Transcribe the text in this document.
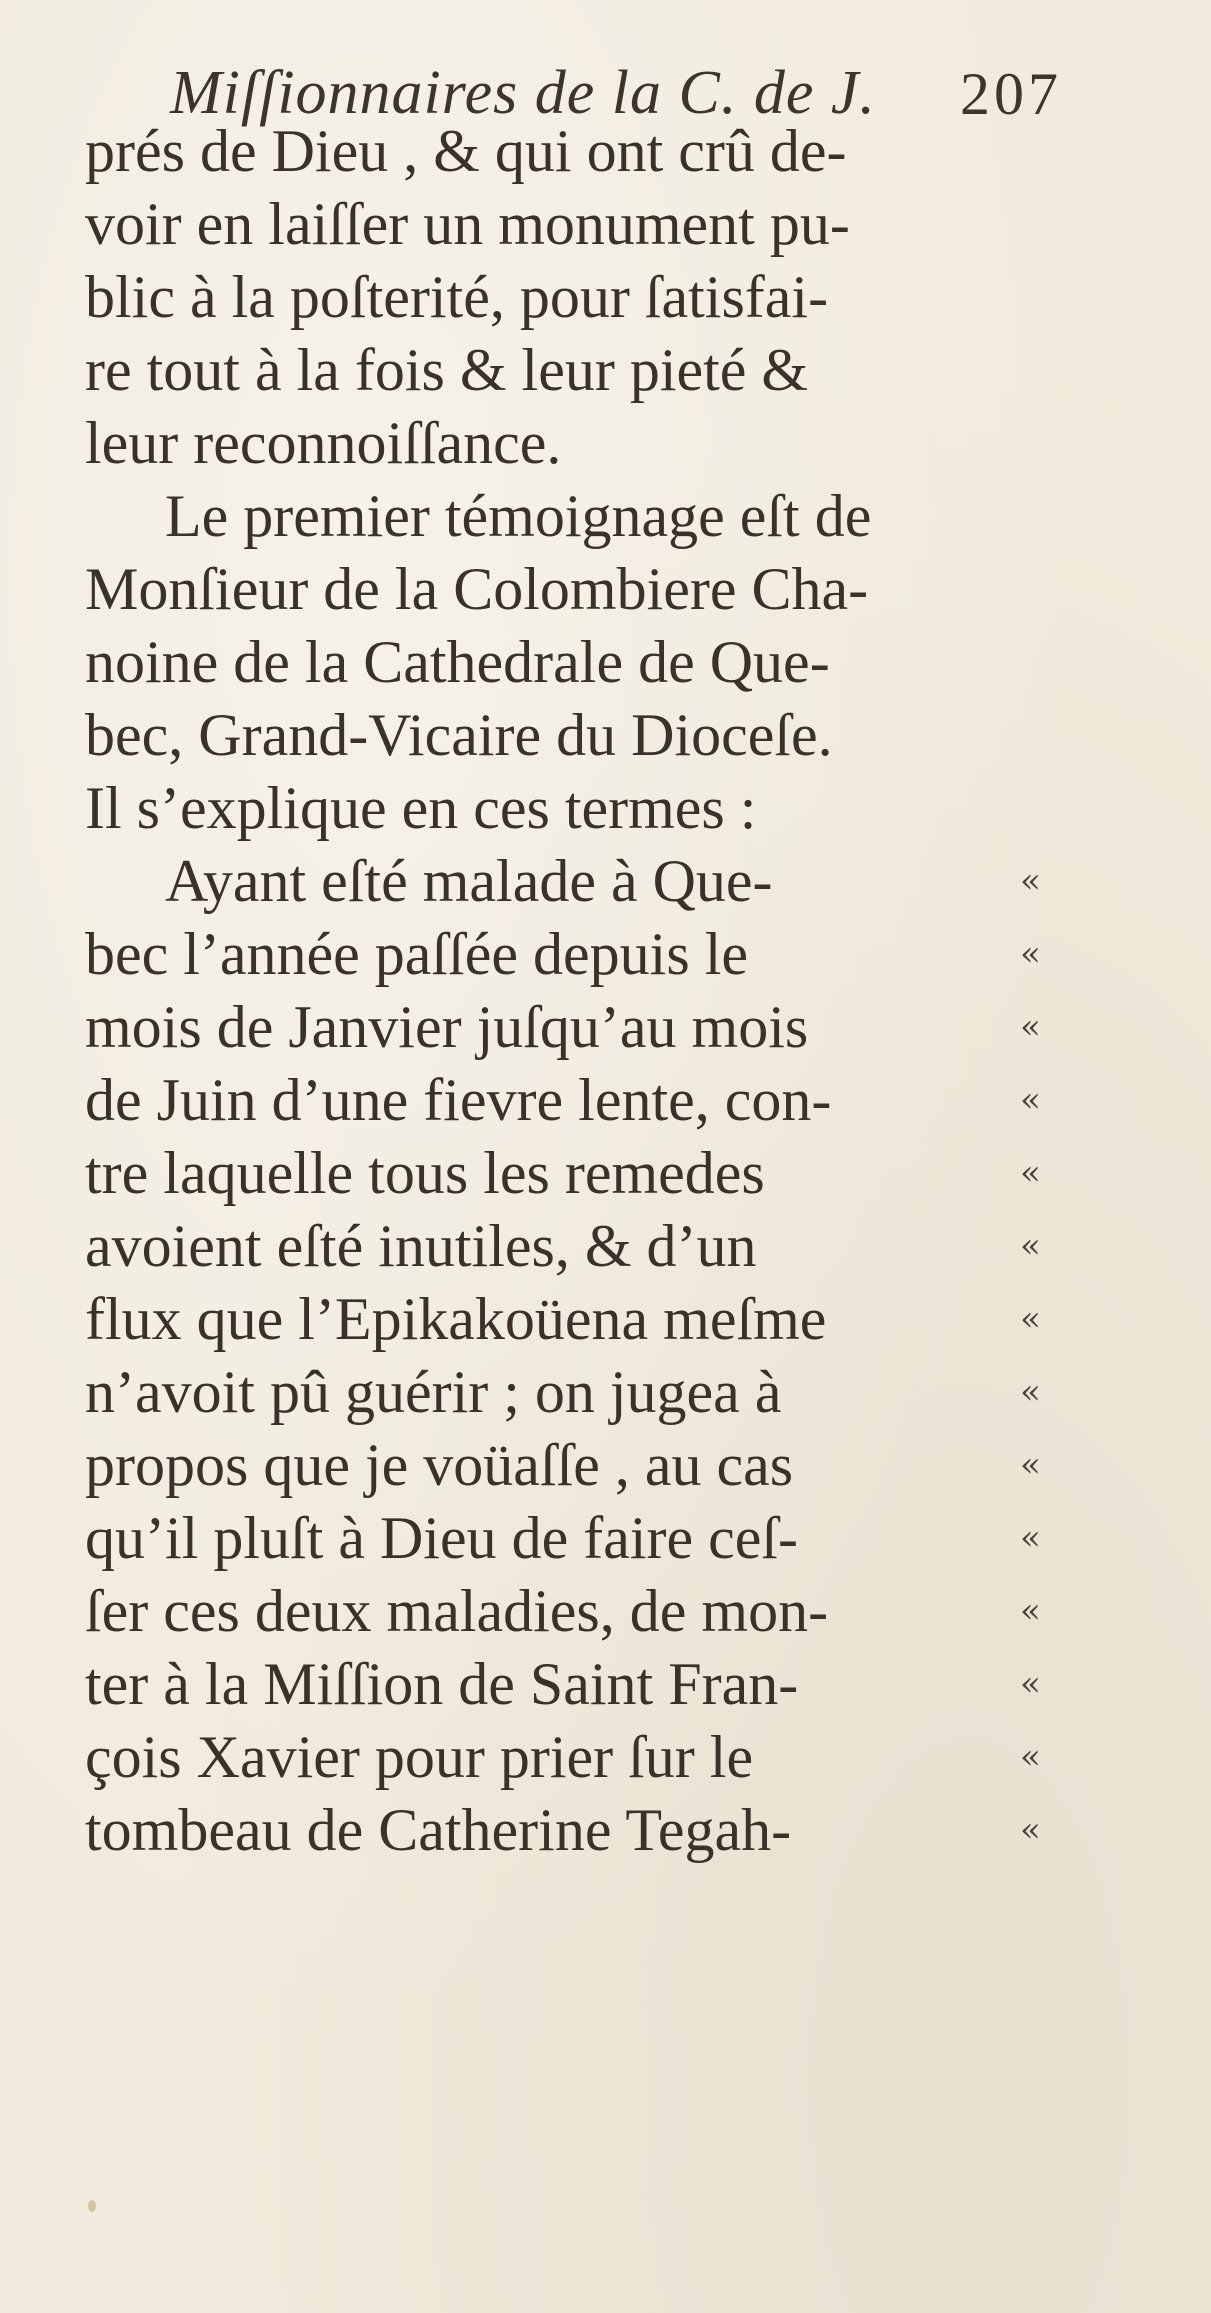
Miſſionnaires de la C. de J. 207
prés de Dieu , & qui ont crû de-
voir en laiſſer un monument pu-
blic à la poſterité, pour ſatisfai-
re tout à la fois & leur pieté &
leur reconnoiſſance.
Le premier témoignage eſt de
Monſieur de la Colombiere Cha-
noine de la Cathedrale de Que-
bec, Grand-Vicaire du Dioceſe.
Il s’explique en ces termes :
Ayant eſté malade à Que-	«
bec l’année paſſée depuis le	«
mois de Janvier juſqu’au mois	«
de Juin d’une fievre lente, con-	«
tre laquelle tous les remedes	«
avoient eſté inutiles, & d’un	«
flux que l’Epikakoüena meſme	«
n’avoit pû guérir ; on jugea à	«
propos que je voüaſſe , au cas	«
qu’il pluſt à Dieu de faire ceſ-	«
ſer ces deux maladies, de mon-	«
ter à la Miſſion de Saint Fran-	«
çois Xavier pour prier ſur le	«
tombeau de Catherine Tegah-	«
